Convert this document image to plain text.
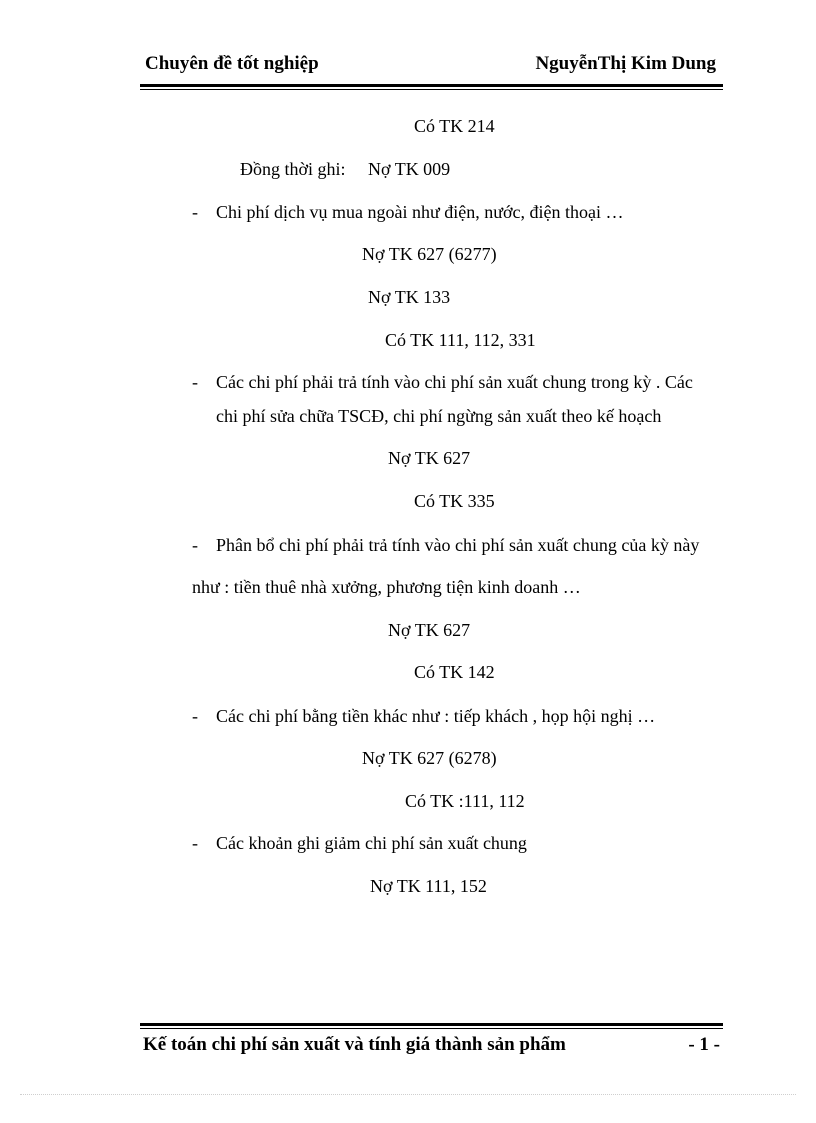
Chuyên đề tốt nghiệp	NguyễnThị Kim Dung
Có TK 214
Đồng thời ghi: Nợ TK 009
- Chi phí dịch vụ mua ngoài như điện, nước, điện thoại …
Nợ TK 627 (6277)
Nợ TK 133
Có TK 111, 112, 331
- Các chi phí phải trả tính vào chi phí sản xuất chung trong kỳ . Các
chi phí sửa chữa TSCĐ, chi phí ngừng sản xuất theo kế hoạch
Nợ TK 627
Có TK 335
- Phân bổ chi phí phải trả tính vào chi phí sản xuất chung của kỳ này
như : tiền thuê nhà xưởng, phương tiện kinh doanh …
Nợ TK 627
Có TK 142
- Các chi phí bằng tiền khác như : tiếp khách , họp hội nghị …
Nợ TK 627 (6278)
Có TK :111, 112
- Các khoản ghi giảm chi phí sản xuất chung
Nợ TK 111, 152
Kế toán chi phí sản xuất và tính giá thành sản phẩm	- 1 -
